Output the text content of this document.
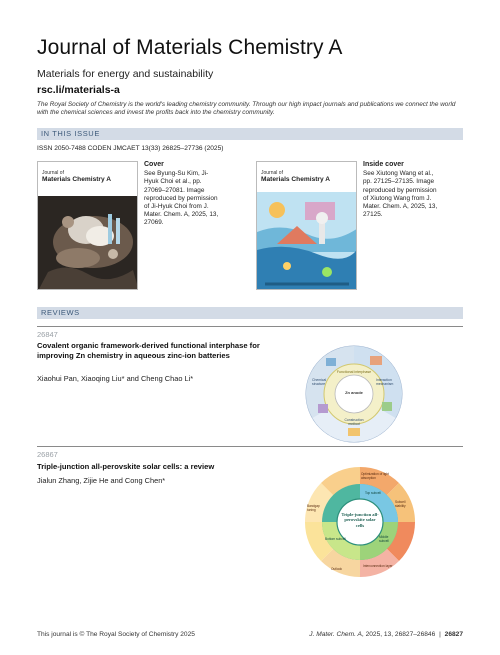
Journal of Materials Chemistry A
Materials for energy and sustainability
rsc.li/materials-a
The Royal Society of Chemistry is the world's leading chemistry community. Through our high impact journals and publications we connect the world with the chemical sciences and invest the profits back into the chemistry community.
IN THIS ISSUE
ISSN 2050-7488 CODEN JMCAET 13(33) 26825–27736 (2025)
Journal of
Materials Chemistry A
Cover
See Byung-Su Kim, Ji-Hyuk Choi et al., pp. 27069–27081. Image reproduced by permission of Ji-Hyuk Choi from J. Mater. Chem. A, 2025, 13, 27069.
Journal of
Materials Chemistry A
Inside cover
See Xiutong Wang et al., pp. 27125–27135. Image reproduced by permission of Xiutong Wang from J. Mater. Chem. A, 2025, 13, 27125.
REVIEWS
26847
Covalent organic framework-derived functional interphase for improving Zn chemistry in aqueous zinc-ion batteries
Xiaohui Pan, Xiaoqing Liu* and Cheng Chao Li*
Zn anode
Functional interphase
Chemical structure
Interaction mechanism
Construction method
26867
Triple-junction all-perovskite solar cells: a review
Jialun Zhang, Zijie He and Cong Chen*
Triple-junction all-perovskite solar cells
Optimization of light absorption
Subcell stability
Interconnection layer
Bandgap tuning
Top subcell
Middle subcell
Bottom subcell
Outlook
This journal is © The Royal Society of Chemistry 2025	J. Mater. Chem. A, 2025, 13, 26827–26846 | 26827
